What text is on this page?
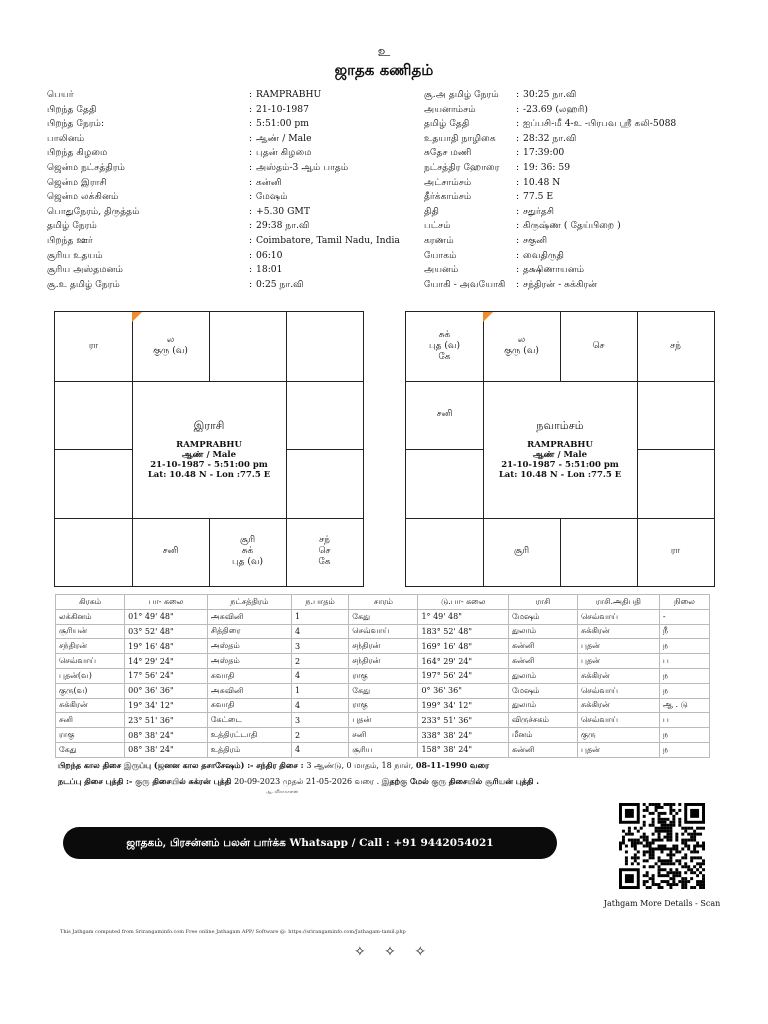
உ
ஜாதக கணிதம்
பெயர்	: RAMPRABHU
பிறந்த தேதி	: 21-10-1987
பிறந்த நேரம்:	: 5:51:00 pm
பாலினம்	: ஆண் / Male
பிறந்த கிழமை	: புதன் கிழமை
ஜென்ம நட்சத்திரம்	: அஸ்தம்-3 ஆம் பாதம்
ஜென்ம இராசி	: கன்னி
ஜென்ம லக்கினம்	: மேஷம்
பொதுநேரம், திருத்தம்	: +5.30 GMT
தமிழ் நேரம்	: 29:38 நா.வி
பிறந்த ஊர்	: Coimbatore, Tamil Nadu, India
சூரிய உதயம்	: 06:10
சூரிய அஸ்தமனம்	: 18:01
சூ.உ தமிழ் நேரம்	: 0:25 நா.வி
சூ.அ தமிழ் நேரம் : 30:25 நா.வி
அயனாம்சம்	: -23.69 (லஹரி)
தமிழ் தேதி	: ஐப்பசி-மீ 4-உ -பிரபவ ஸ்ரீ கலி-5088
உதயாதி நாழிகை : 28:32 நா.வி
சுதேச மணி	: 17:39:00
நட்சத்திர ஹோரை : 19: 36: 59
அட்சாம்சம்	: 10.48 N
தீர்க்காம்சம்	: 77.5 E
திதி	: சதுர்தசி
பட்சம்	: கிருஷ்ண ( தேய்பிறை )
கரணம்	: சகுனி
யோகம்	: வைதிருதி
அயனம்	: தக்ஷிணாயனம்
யோகி - அவயோகி : சந்திரன் - சுக்கிரன்
ரா
ல
குரு (வ)
சனி
சூரி
சுக்
புத (வ)
சந்
செ
கே
இராசி
RAMPRABHU
ஆண் / Male
21-10-1987 - 5:51:00 pm
Lat: 10.48 N - Lon :77.5 E
சுக்
புத (வ)
கே
ல
குரு (வ)
செ	சந்
சனி
சூரி	ரா
நவாம்சம்
RAMPRABHU
ஆண் / Male
21-10-1987 - 5:51:00 pm
Lat: 10.48 N - Lon :77.5 E
கிரகம்	பா- கலை	நட்சத்திரம்	ந.பாதம்	சாரம்	டு.பா- கலை	ராசி	ராசி.அதிபதி	நிலை
லக்கினம்	01° 49' 48"	அசுவினி	1	கேது	1° 49' 48"	மேஷம்	செவ்வாய்	-
சூரியன்	03° 52' 48"	சித்திரை	4	செவ்வாய்	183° 52' 48"	துலாம்	சுக்கிரன்	நீ
சந்திரன்	19° 16' 48"	அஸ்தம்	3	சந்திரன்	169° 16' 48"	கன்னி	புதன்	ந
செவ்வாய்	14° 29' 24"	அஸ்தம்	2	சந்திரன்	164° 29' 24"	கன்னி	புதன்	ப
புதன்(வ)	17° 56' 24"	சுவாதி	4	ராகு	197° 56' 24"	துலாம்	சுக்கிரன்	ந
குரு(வ)	00° 36' 36"	அசுவினி	1	கேது	0° 36' 36"	மேஷம்	செவ்வாய்	ந
சுக்கிரன்	19° 34' 12"	சுவாதி	4	ராகு	199° 34' 12"	துலாம்	சுக்கிரன்	ஆ . டு
சனி	23° 51' 36"	கேட்டை	3	புதன்	233° 51' 36"	விருச்சகம்	செவ்வாய்	ப
ராகு	08° 38' 24"	உத்திரட்டாதி	2	சனி	338° 38' 24"	மீனம்	குரு	ந
கேது	08° 38' 24"	உத்திரம்	4	சூரிய	158° 38' 24"	கன்னி	புதன்	ந
பிறந்த கால திசை இருப்பு (ஜனன கால தசாசேஷம்) :- சந்திர திசை : 3 ஆண்டு, 0 மாதம், 18 நாள், 08-11-1990 வரை
நடப்பு திசை புத்தி :- குரு திசையில் சுக்ரன் புத்தி 20-09-2023 முதல் 21-05-2026 வரை . இதற்கு மேல் குரு திசையில் சூரியன் புத்தி .
ஆ. விசாகாளன்
ஜாதகம், பிரசன்னம் பலன் பார்க்க Whatsapp / Call : +91 9442054021
Jathgam More Details - Scan
This Jathgam computed from Srirangaminfo.com Free online Jathagam APP/ Software @: https://srirangaminfo.com/Jathagam-tamil.php
✧ ✧ ✧
